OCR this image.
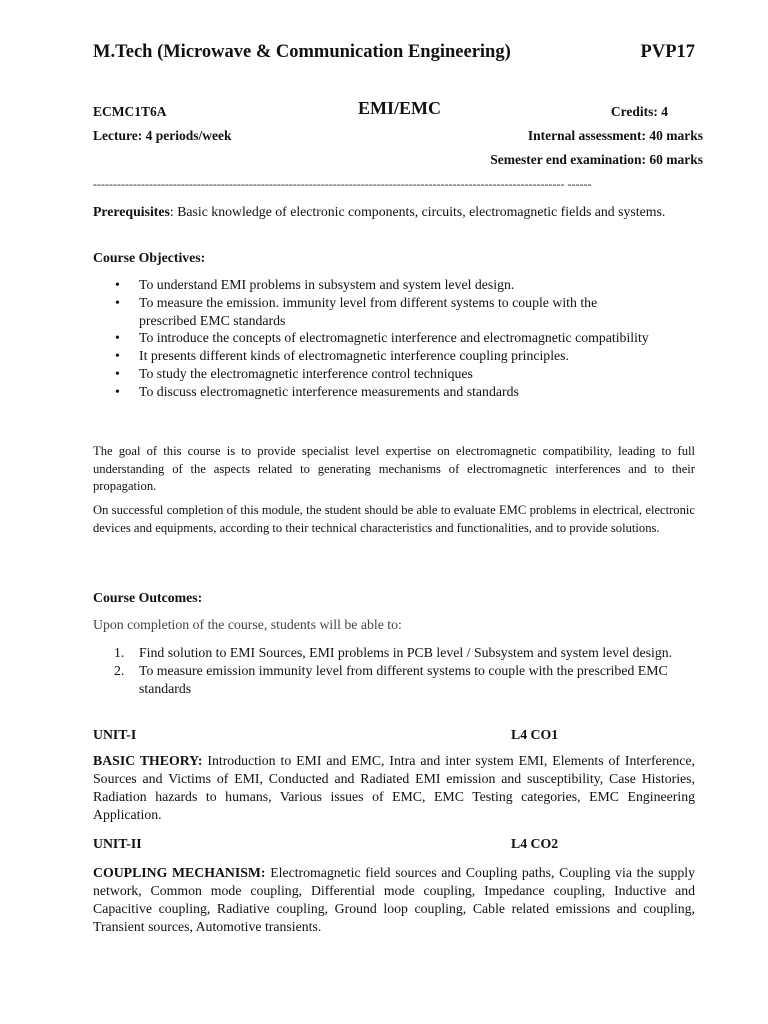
M.Tech (Microwave & Communication Engineering)	PVP17
ECMC1T6A	EMI/EMC	Credits: 4
Lecture: 4 periods/week	Internal assessment: 40 marks
Semester end examination: 60 marks
---------------------------------------------------------------------------------------------------------------------- ------
Prerequisites: Basic knowledge of electronic components, circuits, electromagnetic fields and systems.
Course Objectives:
• To understand EMI problems in subsystem and system level design.
• To measure the emission. immunity level from different systems to couple with the prescribed EMC standards
• To introduce the concepts of electromagnetic interference and electromagnetic compatibility
• It presents different kinds of electromagnetic interference coupling principles.
• To study the electromagnetic interference control techniques
• To discuss electromagnetic interference measurements and standards
The goal of this course is to provide specialist level expertise on electromagnetic compatibility, leading to full understanding of the aspects related to generating mechanisms of electromagnetic interferences and to their propagation.
On successful completion of this module, the student should be able to evaluate EMC problems in electrical, electronic devices and equipments, according to their technical characteristics and functionalities, and to provide solutions.
Course Outcomes:
Upon completion of the course, students will be able to:
1. Find solution to EMI Sources, EMI problems in PCB level / Subsystem and system level design.
2. To measure emission immunity level from different systems to couple with the prescribed EMC standards
UNIT-I	L4 CO1
BASIC THEORY: Introduction to EMI and EMC, Intra and inter system EMI, Elements of Interference, Sources and Victims of EMI, Conducted and Radiated EMI emission and susceptibility, Case Histories, Radiation hazards to humans, Various issues of EMC, EMC Testing categories, EMC Engineering Application.
UNIT-II	L4 CO2
COUPLING MECHANISM: Electromagnetic field sources and Coupling paths, Coupling via the supply network, Common mode coupling, Differential mode coupling, Impedance coupling, Inductive and Capacitive coupling, Radiative coupling, Ground loop coupling, Cable related emissions and coupling, Transient sources, Automotive transients.
